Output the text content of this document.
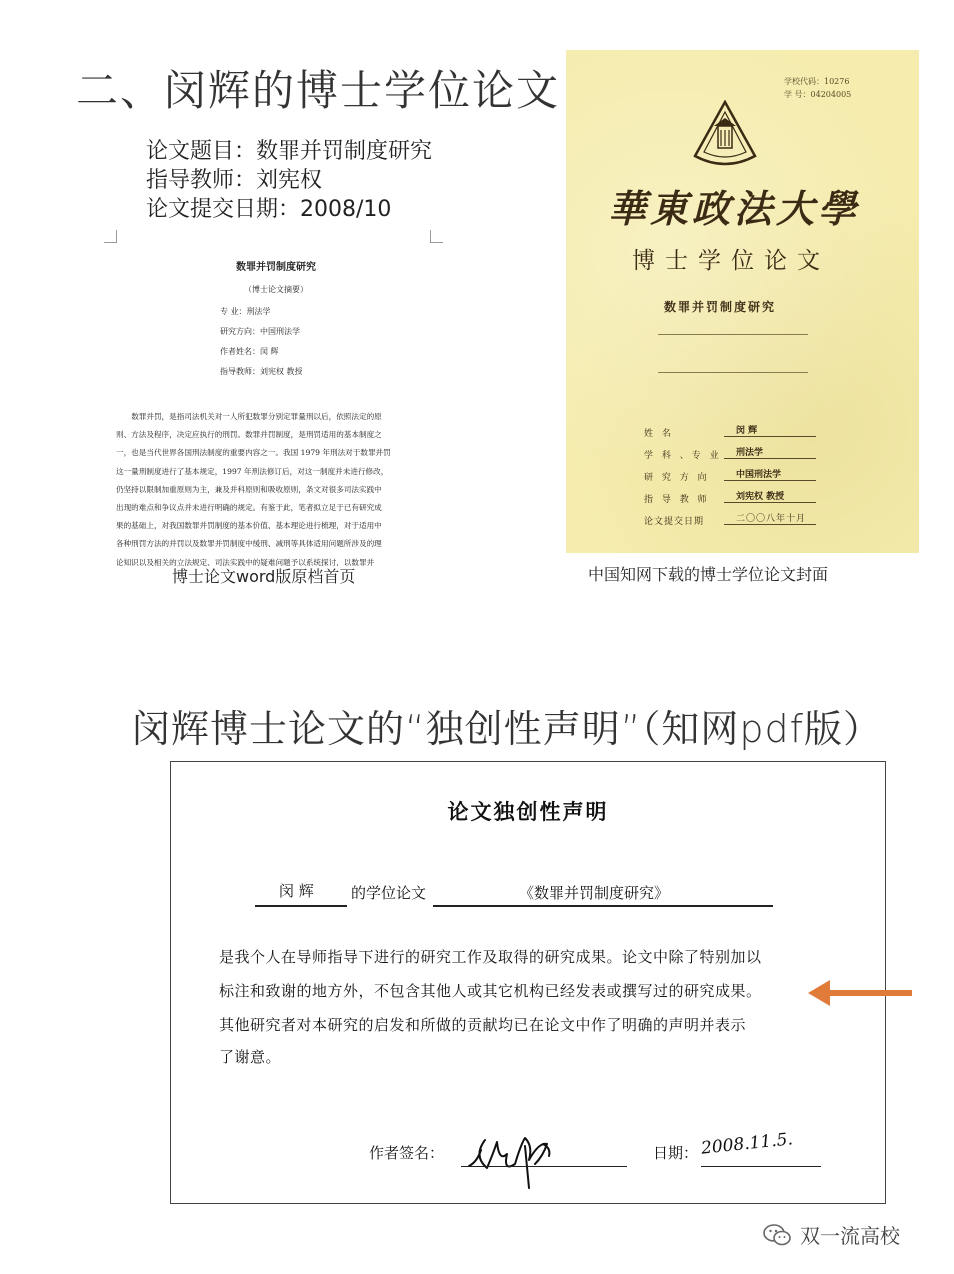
二、闵辉的博士学位论文
论文题目：数罪并罚制度研究
指导教师：刘宪权
论文提交日期：2008/10
数罪并罚制度研究
（博士论文摘要）
专 业：刑法学
研究方向：中国刑法学
作者姓名：闵 辉
指导教师：刘宪权 教授
数罪并罚，是指司法机关对一人所犯数罪分别定罪量刑以后，依照法定的原
则、方法及程序，决定应执行的刑罚。数罪并罚制度，是刑罚适用的基本制度之
一，也是当代世界各国刑法制度的重要内容之一。我国 1979 年刑法对于数罪并罚
这一量刑制度进行了基本规定，1997 年刑法修订后，对这一制度并未进行修改，
仍坚持以限制加重原则为主，兼及并科原则和吸收原则，条文对很多司法实践中
出现的难点和争议点并未进行明确的规定。有鉴于此，笔者拟立足于已有研究成
果的基础上，对我国数罪并罚制度的基本价值、基本理论进行梳理，对于适用中
各种刑罚方法的并罚以及数罪并罚制度中缓刑、减刑等具体适用问题所涉及的理
论知识以及相关的立法规定、司法实践中的疑难问题予以系统探讨，以数罪并
博士论文word版原档首页
学校代码：10276
学 号：04204005
華東政法大學
博士学位论文
数罪并罚制度研究
姓 名	闵 辉
学 科 、专 业 刑法学
研 究 方 向	中国刑法学
指 导 教 师	刘宪权 教授
论文提交日期	二〇〇八年十月
中国知网下载的博士学位论文封面
闵辉博士论文的“独创性声明”（知网pdf版）
论文独创性声明
闵 辉 的学位论文	《数罪并罚制度研究》
是我个人在导师指导下进行的研究工作及取得的研究成果。论文中除了特别加以
标注和致谢的地方外，不包含其他人或其它机构已经发表或撰写过的研究成果。
其他研究者对本研究的启发和所做的贡献均已在论文中作了明确的声明并表示
了谢意。
作者签名：	日期： 2008.11.5.
双一流高校
